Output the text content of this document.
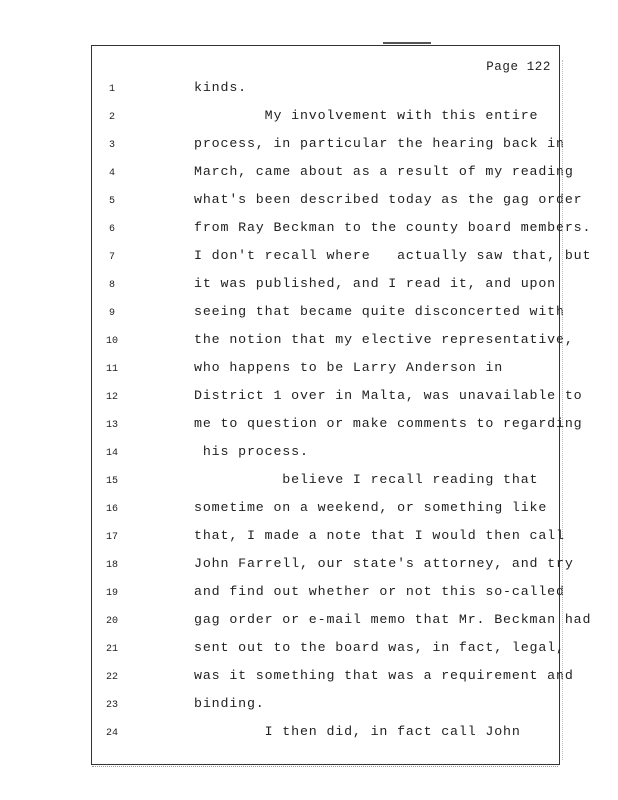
Page 122
1	kinds.
2	My involvement with this entire
3	process, in particular the hearing back in
4	March, came about as a result of my reading
5	what's been described today as the gag order
6	from Ray Beckman to the county board members.
7	I don't recall where   actually saw that, but
8	it was published, and I read it, and upon
9	seeing that became quite disconcerted with
10	the notion that my elective representative,
11	who happens to be Larry Anderson in
12	District 1 over in Malta, was unavailable to
13	me to question or make comments to regarding
14	his process.
15	believe I recall reading that
16	sometime on a weekend, or something like
17	that, I made a note that I would then call
18	John Farrell, our state's attorney, and try
19	and find out whether or not this so-called
20	gag order or e-mail memo that Mr. Beckman had
21	sent out to the board was, in fact, legal,
22	was it something that was a requirement and
23	binding.
24	I then did, in fact call John
